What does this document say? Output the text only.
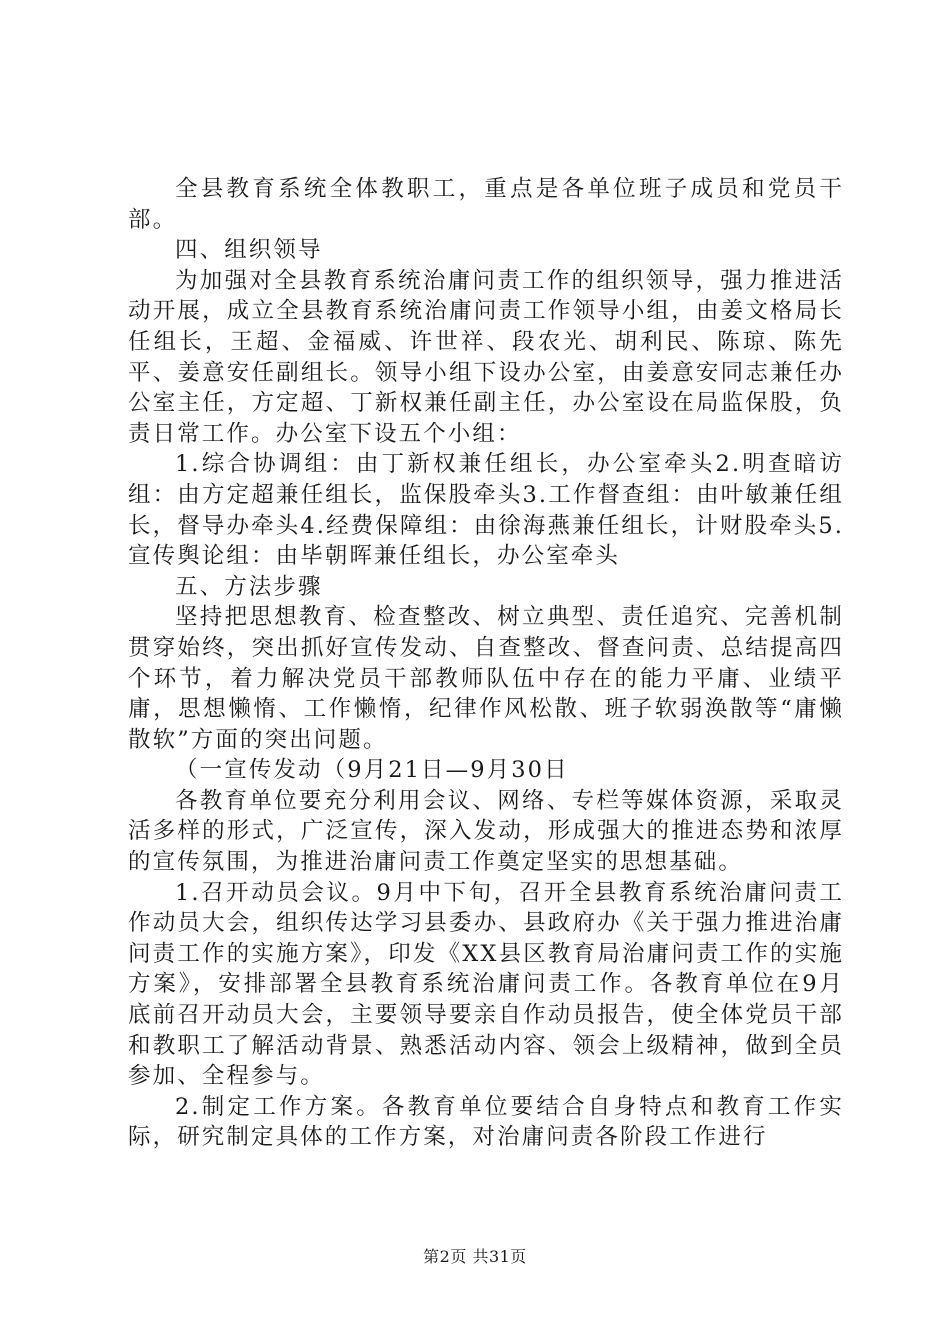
全县教育系统全体教职工，重点是各单位班子成员和党员干部。

四、组织领导

为加强对全县教育系统治庸问责工作的组织领导，强力推进活动开展，成立全县教育系统治庸问责工作领导小组，由姜文格局长任组长，王超、金福威、许世祥、段农光、胡利民、陈琼、陈先平、姜意安任副组长。领导小组下设办公室，由姜意安同志兼任办公室主任，方定超、丁新权兼任副主任，办公室设在局监保股，负责日常工作。办公室下设五个小组：

1.综合协调组：由丁新权兼任组长，办公室牵头2.明查暗访组：由方定超兼任组长，监保股牵头3.工作督查组：由叶敏兼任组长，督导办牵头4.经费保障组：由徐海燕兼任组长，计财股牵头5.宣传舆论组：由毕朝晖兼任组长，办公室牵头

五、方法步骤

坚持把思想教育、检查整改、树立典型、责任追究、完善机制贯穿始终，突出抓好宣传发动、自查整改、督查问责、总结提高四个环节，着力解决党员干部教师队伍中存在的能力平庸、业绩平庸，思想懒惰、工作懒惰，纪律作风松散、班子软弱涣散等“庸懒散软”方面的突出问题。

（一宣传发动（9月21日—9月30日

各教育单位要充分利用会议、网络、专栏等媒体资源，采取灵活多样的形式，广泛宣传，深入发动，形成强大的推进态势和浓厚的宣传氛围，为推进治庸问责工作奠定坚实的思想基础。

1.召开动员会议。9月中下旬，召开全县教育系统治庸问责工作动员大会，组织传达学习县委办、县政府办《关于强力推进治庸问责工作的实施方案》，印发《XX县区教育局治庸问责工作的实施方案》，安排部署全县教育系统治庸问责工作。各教育单位在9月底前召开动员大会，主要领导要亲自作动员报告，使全体党员干部和教职工了解活动背景、熟悉活动内容、领会上级精神，做到全员参加、全程参与。

2.制定工作方案。各教育单位要结合自身特点和教育工作实际，研究制定具体的工作方案，对治庸问责各阶段工作进行

第2页 共31页
